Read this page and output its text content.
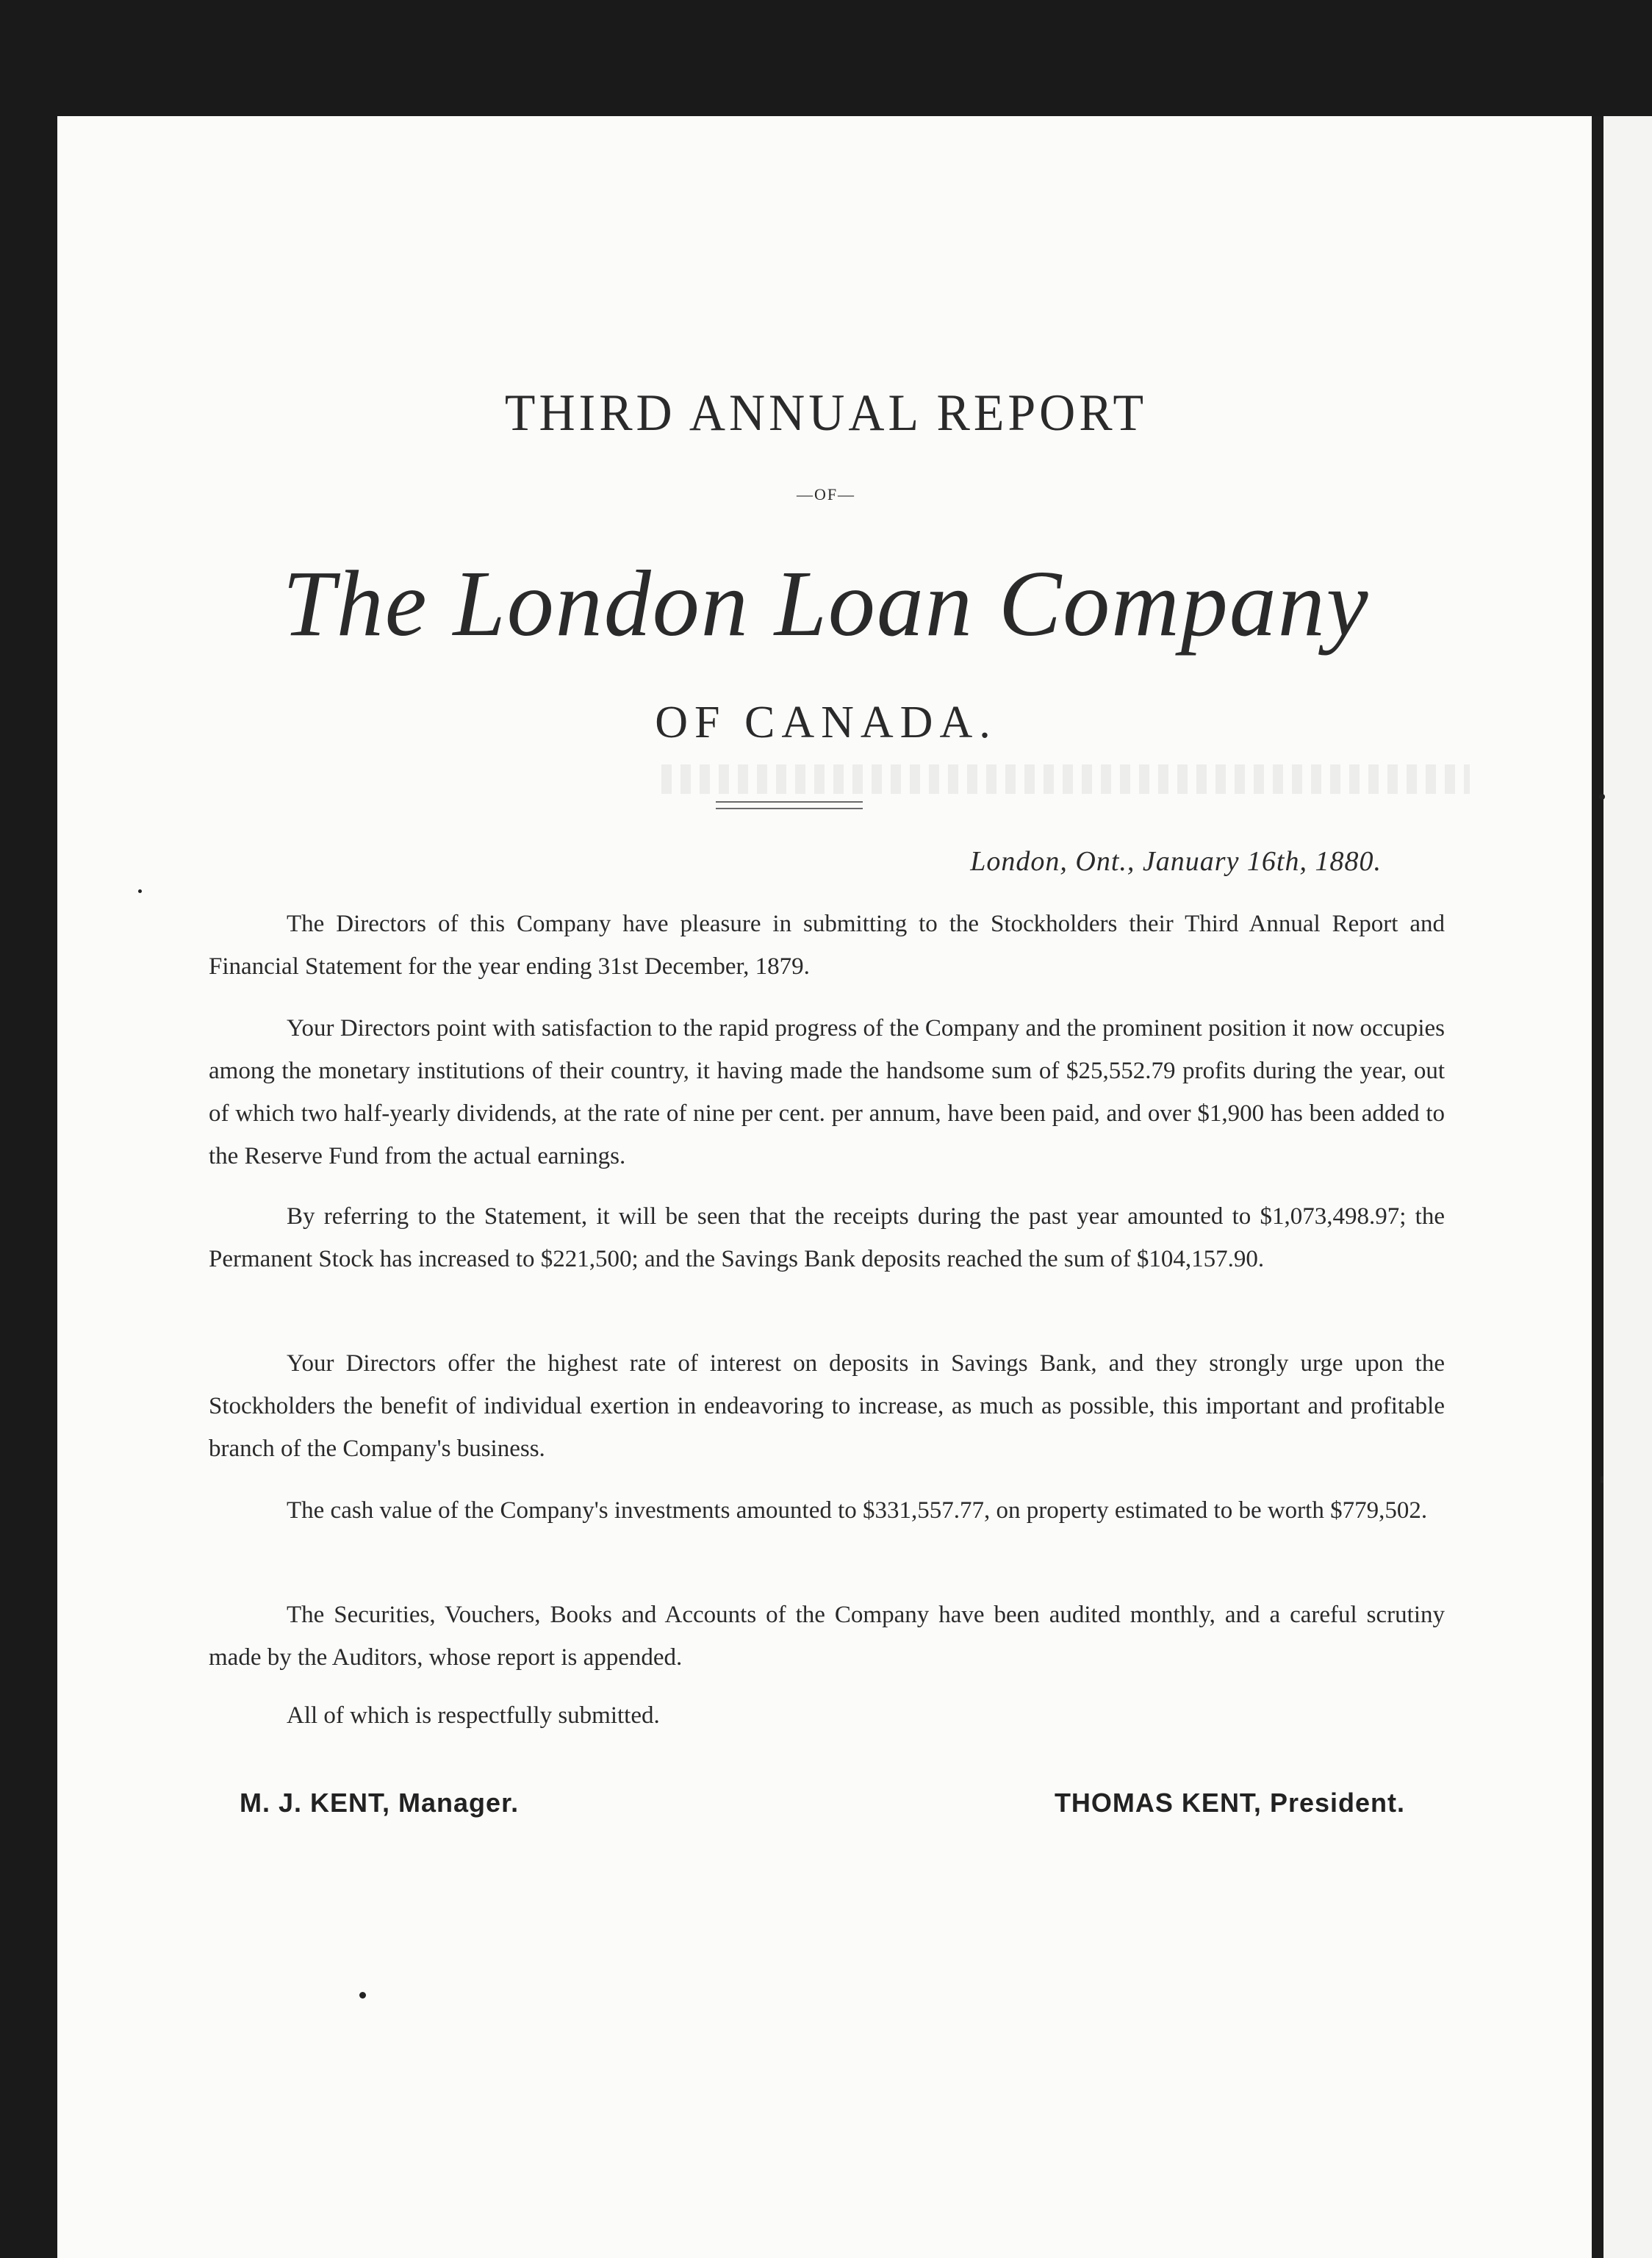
THIRD ANNUAL REPORT
—OF—
The London Loan Company
OF CANADA.
London, Ont., January 16th, 1880.

The Directors of this Company have pleasure in submitting to the Stockholders their Third Annual Report and Financial Statement for the year ending 31st December, 1879.

Your Directors point with satisfaction to the rapid progress of the Company and the prominent position it now occupies among the monetary institutions of their country, it having made the handsome sum of $25,552.79 profits during the year, out of which two half-yearly dividends, at the rate of nine per cent. per annum, have been paid, and over $1,900 has been added to the Reserve Fund from the actual earnings.

By referring to the Statement, it will be seen that the receipts during the past year amounted to $1,073,498.97; the Permanent Stock has increased to $221,500; and the Savings Bank deposits reached the sum of $104,157.90.

Your Directors offer the highest rate of interest on deposits in Savings Bank, and they strongly urge upon the Stockholders the benefit of individual exertion in endeavoring to increase, as much as possible, this important and profitable branch of the Company's business.

The cash value of the Company's investments amounted to $331,557.77, on property estimated to be worth $779,502.

The Securities, Vouchers, Books and Accounts of the Company have been audited monthly, and a careful scrutiny made by the Auditors, whose report is appended.

All of which is respectfully submitted.

M. J. KENT, Manager.	THOMAS KENT, President.
